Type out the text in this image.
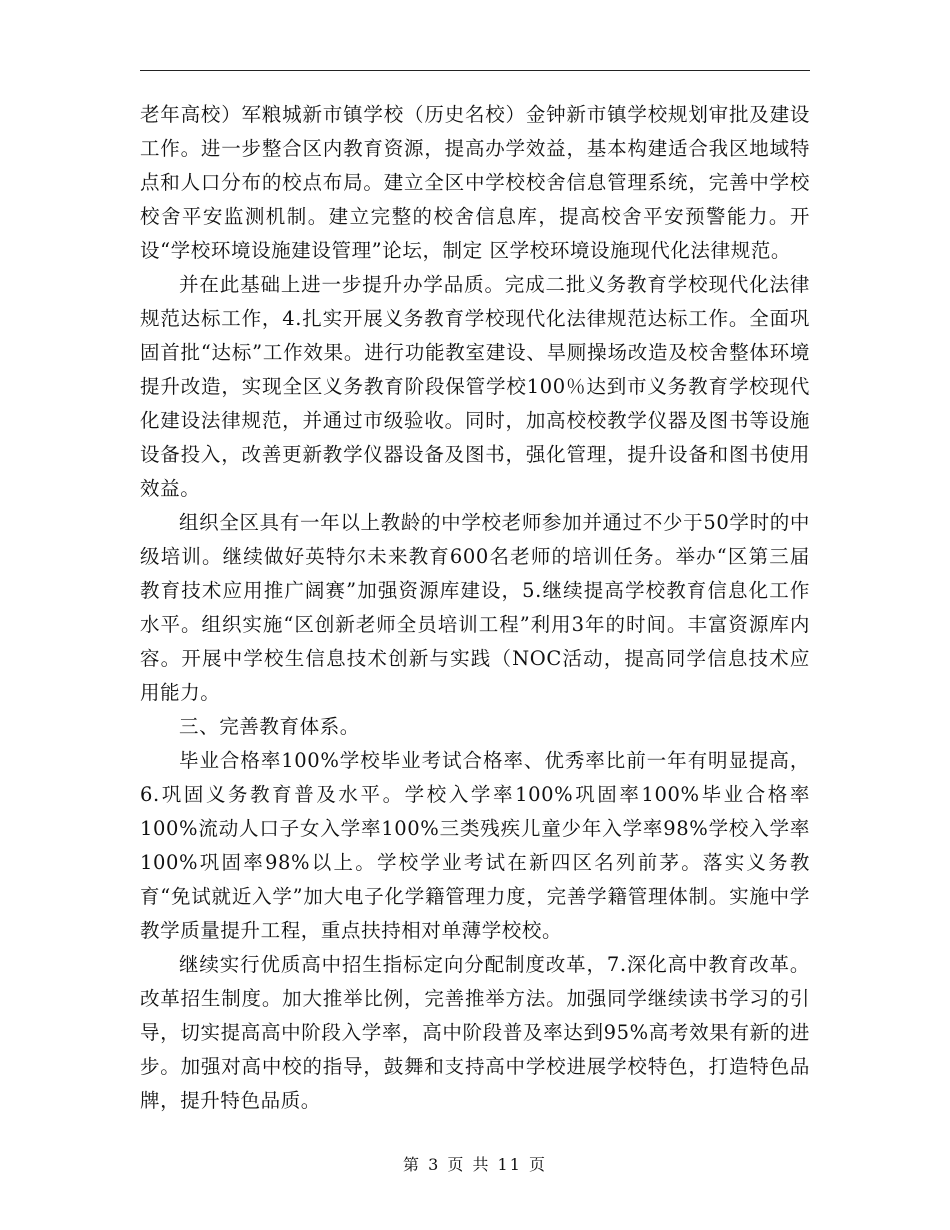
老年高校）军粮城新市镇学校（历史名校）金钟新市镇学校规划审批及建设工作。进一步整合区内教育资源，提高办学效益，基本构建适合我区地域特点和人口分布的校点布局。建立全区中学校校舍信息管理系统，完善中学校校舍平安监测机制。建立完整的校舍信息库，提高校舍平安预警能力。开设“学校环境设施建设管理”论坛，制定 区学校环境设施现代化法律规范。

并在此基础上进一步提升办学品质。完成二批义务教育学校现代化法律规范达标工作，4.扎实开展义务教育学校现代化法律规范达标工作。全面巩固首批“达标”工作效果。进行功能教室建设、旱厕操场改造及校舍整体环境提升改造，实现全区义务教育阶段保管学校100％达到市义务教育学校现代化建设法律规范，并通过市级验收。同时，加高校校教学仪器及图书等设施设备投入，改善更新教学仪器设备及图书，强化管理，提升设备和图书使用效益。

组织全区具有一年以上教龄的中学校老师参加并通过不少于50学时的中级培训。继续做好英特尔未来教育600名老师的培训任务。举办“区第三届教育技术应用推广阔赛”加强资源库建设，5.继续提高学校教育信息化工作水平。组织实施“区创新老师全员培训工程”利用3年的时间。丰富资源库内容。开展中学校生信息技术创新与实践（NOC活动，提高同学信息技术应用能力。

三、完善教育体系。

毕业合格率100%学校毕业考试合格率、优秀率比前一年有明显提高，6.巩固义务教育普及水平。学校入学率100%巩固率100%毕业合格率100%流动人口子女入学率100%三类残疾儿童少年入学率98%学校入学率100%巩固率98%以上。学校学业考试在新四区名列前茅。落实义务教育“免试就近入学”加大电子化学籍管理力度，完善学籍管理体制。实施中学教学质量提升工程，重点扶持相对单薄学校校。

继续实行优质高中招生指标定向分配制度改革，7.深化高中教育改革。改革招生制度。加大推举比例，完善推举方法。加强同学继续读书学习的引导，切实提高高中阶段入学率，高中阶段普及率达到95%高考效果有新的进步。加强对高中校的指导，鼓舞和支持高中学校进展学校特色，打造特色品牌，提升特色品质。

第 3 页 共 11 页
